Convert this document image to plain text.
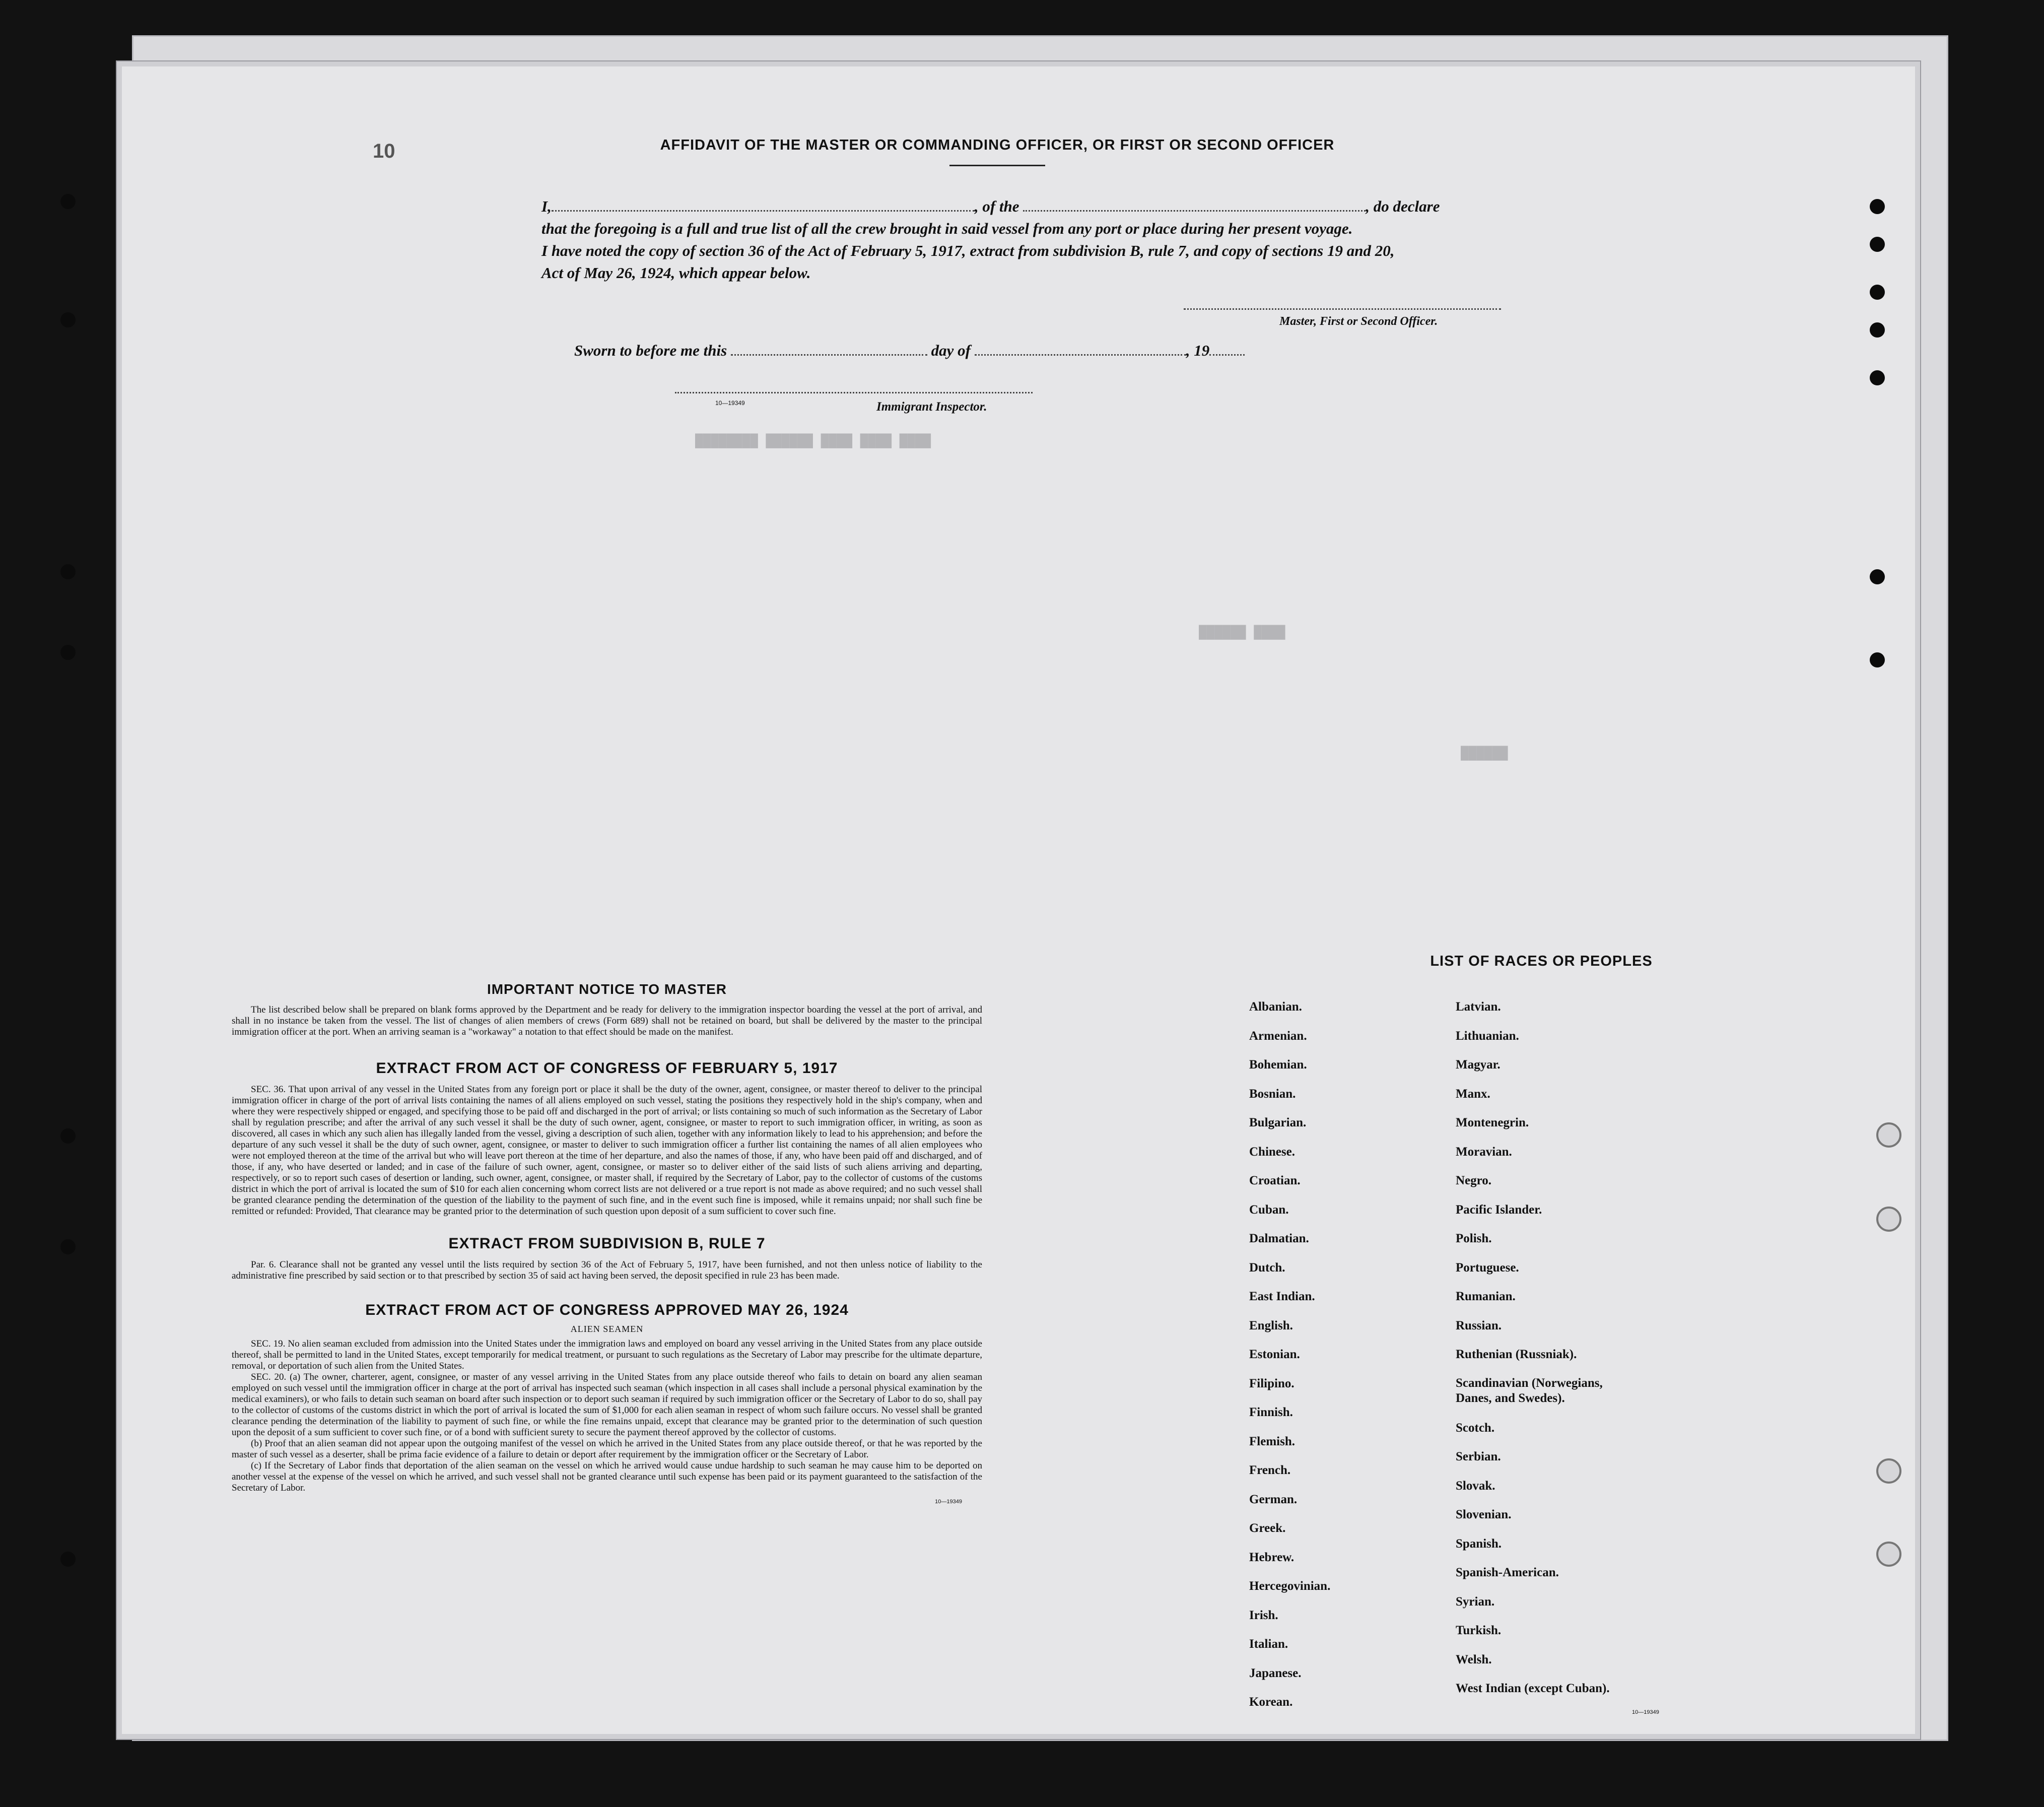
████████ ██████ ████ ████ ████
██████ ████
██████
10	AFFIDAVIT OF THE MASTER OR COMMANDING OFFICER, OR FIRST OR SECOND OFFICER
I,	, of the	, do declare
that the foregoing is a full and true list of all the crew brought in said vessel from any port or place during her present voyage.
I have noted the copy of section 36 of the Act of February 5, 1917, extract from subdivision B, rule 7, and copy of sections 19 and 20,
Act of May 26, 1924, which appear below.
Master, First or Second Officer.
Sworn to before me this	day of	, 19
10—19349	Immigrant Inspector.
IMPORTANT NOTICE TO MASTER
The list described below shall be prepared on blank forms approved by the Department and be ready for delivery to the immigration inspector boarding the vessel at the port of arrival, and shall in no instance be taken from the vessel. The list of changes of alien members of crews (Form 689) shall not be retained on board, but shall be delivered by the master to the principal immigration officer at the port. When an arriving seaman is a "workaway" a notation to that effect should be made on the manifest.
EXTRACT FROM ACT OF CONGRESS OF FEBRUARY 5, 1917
SEC. 36. That upon arrival of any vessel in the United States from any foreign port or place it shall be the duty of the owner, agent, consignee, or master thereof to deliver to the principal immigration officer in charge of the port of arrival lists containing the names of all aliens employed on such vessel, stating the positions they respectively hold in the ship's company, when and where they were respectively shipped or engaged, and specifying those to be paid off and discharged in the port of arrival; or lists containing so much of such information as the Secretary of Labor shall by regulation prescribe; and after the arrival of any such vessel it shall be the duty of such owner, agent, consignee, or master to report to such immigration officer, in writing, as soon as discovered, all cases in which any such alien has illegally landed from the vessel, giving a description of such alien, together with any information likely to lead to his apprehension; and before the departure of any such vessel it shall be the duty of such owner, agent, consignee, or master to deliver to such immigration officer a further list containing the names of all alien employees who were not employed thereon at the time of the arrival but who will leave port thereon at the time of her departure, and also the names of those, if any, who have been paid off and discharged, and of those, if any, who have deserted or landed; and in case of the failure of such owner, agent, consignee, or master so to deliver either of the said lists of such aliens arriving and departing, respectively, or so to report such cases of desertion or landing, such owner, agent, consignee, or master shall, if required by the Secretary of Labor, pay to the collector of customs of the customs district in which the port of arrival is located the sum of $10 for each alien concerning whom correct lists are not delivered or a true report is not made as above required; and no such vessel shall be granted clearance pending the determination of the question of the liability to the payment of such fine, and in the event such fine is imposed, while it remains unpaid; nor shall such fine be remitted or refunded: Provided, That clearance may be granted prior to the determination of such question upon deposit of a sum sufficient to cover such fine.
EXTRACT FROM SUBDIVISION B, RULE 7
Par. 6. Clearance shall not be granted any vessel until the lists required by section 36 of the Act of February 5, 1917, have been furnished, and not then unless notice of liability to the administrative fine prescribed by said section or to that prescribed by section 35 of said act having been served, the deposit specified in rule 23 has been made.
EXTRACT FROM ACT OF CONGRESS APPROVED MAY 26, 1924
ALIEN SEAMEN
SEC. 19. No alien seaman excluded from admission into the United States under the immigration laws and employed on board any vessel arriving in the United States from any place outside thereof, shall be permitted to land in the United States, except temporarily for medical treatment, or pursuant to such regulations as the Secretary of Labor may prescribe for the ultimate departure, removal, or deportation of such alien from the United States.
SEC. 20. (a) The owner, charterer, agent, consignee, or master of any vessel arriving in the United States from any place outside thereof who fails to detain on board any alien seaman employed on such vessel until the immigration officer in charge at the port of arrival has inspected such seaman (which inspection in all cases shall include a personal physical examination by the medical examiners), or who fails to detain such seaman on board after such inspection or to deport such seaman if required by such immigration officer or the Secretary of Labor to do so, shall pay to the collector of customs of the customs district in which the port of arrival is located the sum of $1,000 for each alien seaman in respect of whom such failure occurs. No vessel shall be granted clearance pending the determination of the liability to payment of such fine, or while the fine remains unpaid, except that clearance may be granted prior to the determination of such question upon the deposit of a sum sufficient to cover such fine, or of a bond with sufficient surety to secure the payment thereof approved by the collector of customs.
(b) Proof that an alien seaman did not appear upon the outgoing manifest of the vessel on which he arrived in the United States from any place outside thereof, or that he was reported by the master of such vessel as a deserter, shall be prima facie evidence of a failure to detain or deport after requirement by the immigration officer or the Secretary of Labor.
(c) If the Secretary of Labor finds that deportation of the alien seaman on the vessel on which he arrived would cause undue hardship to such seaman he may cause him to be deported on another vessel at the expense of the vessel on which he arrived, and such vessel shall not be granted clearance until such expense has been paid or its payment guaranteed to the satisfaction of the Secretary of Labor.
10—19349
LIST OF RACES OR PEOPLES
Albanian.
Armenian.
Bohemian.
Bosnian.
Bulgarian.
Chinese.
Croatian.
Cuban.
Dalmatian.
Dutch.
East Indian.
English.
Estonian.
Filipino.
Finnish.
Flemish.
French.
German.
Greek.
Hebrew.
Hercegovinian.
Irish.
Italian.
Japanese.
Korean.
Latvian.
Lithuanian.
Magyar.
Manx.
Montenegrin.
Moravian.
Negro.
Pacific Islander.
Polish.
Portuguese.
Rumanian.
Russian.
Ruthenian (Russniak).
Scandinavian (Norwegians,
Danes, and Swedes).
Scotch.
Serbian.
Slovak.
Slovenian.
Spanish.
Spanish-American.
Syrian.
Turkish.
Welsh.
West Indian (except Cuban).
10—19349
